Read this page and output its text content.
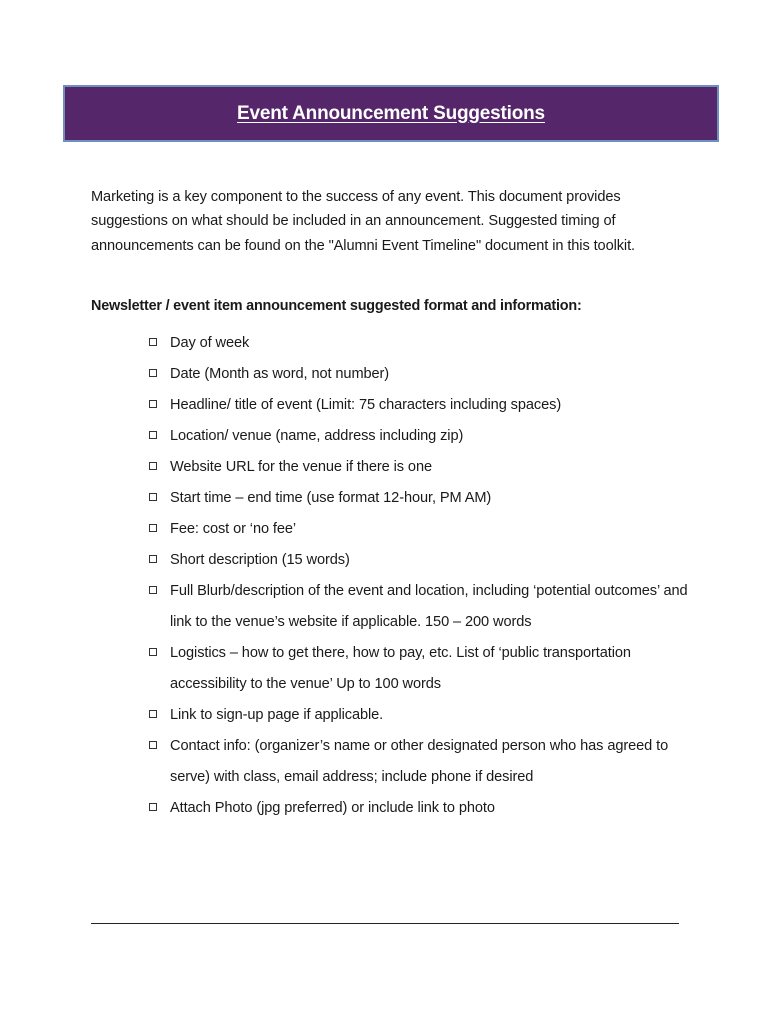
Event Announcement Suggestions

Marketing is a key component to the success of any event. This document provides suggestions on what should be included in an announcement. Suggested timing of announcements can be found on the "Alumni Event Timeline" document in this toolkit.

Newsletter / event item announcement suggested format and information:

Day of week
Date (Month as word, not number)
Headline/ title of event (Limit: 75 characters including spaces)
Location/ venue (name, address including zip)
Website URL for the venue if there is one
Start time – end time (use format 12-hour, PM AM)
Fee: cost or ‘no fee’
Short description (15 words)
Full Blurb/description of the event and location, including ‘potential outcomes’ and link to the venue’s website if applicable. 150 – 200 words
Logistics – how to get there, how to pay, etc. List of ‘public transportation accessibility to the venue’ Up to 100 words
Link to sign-up page if applicable.
Contact info: (organizer’s name or other designated person who has agreed to serve) with class, email address; include phone if desired
Attach Photo (jpg preferred) or include link to photo
